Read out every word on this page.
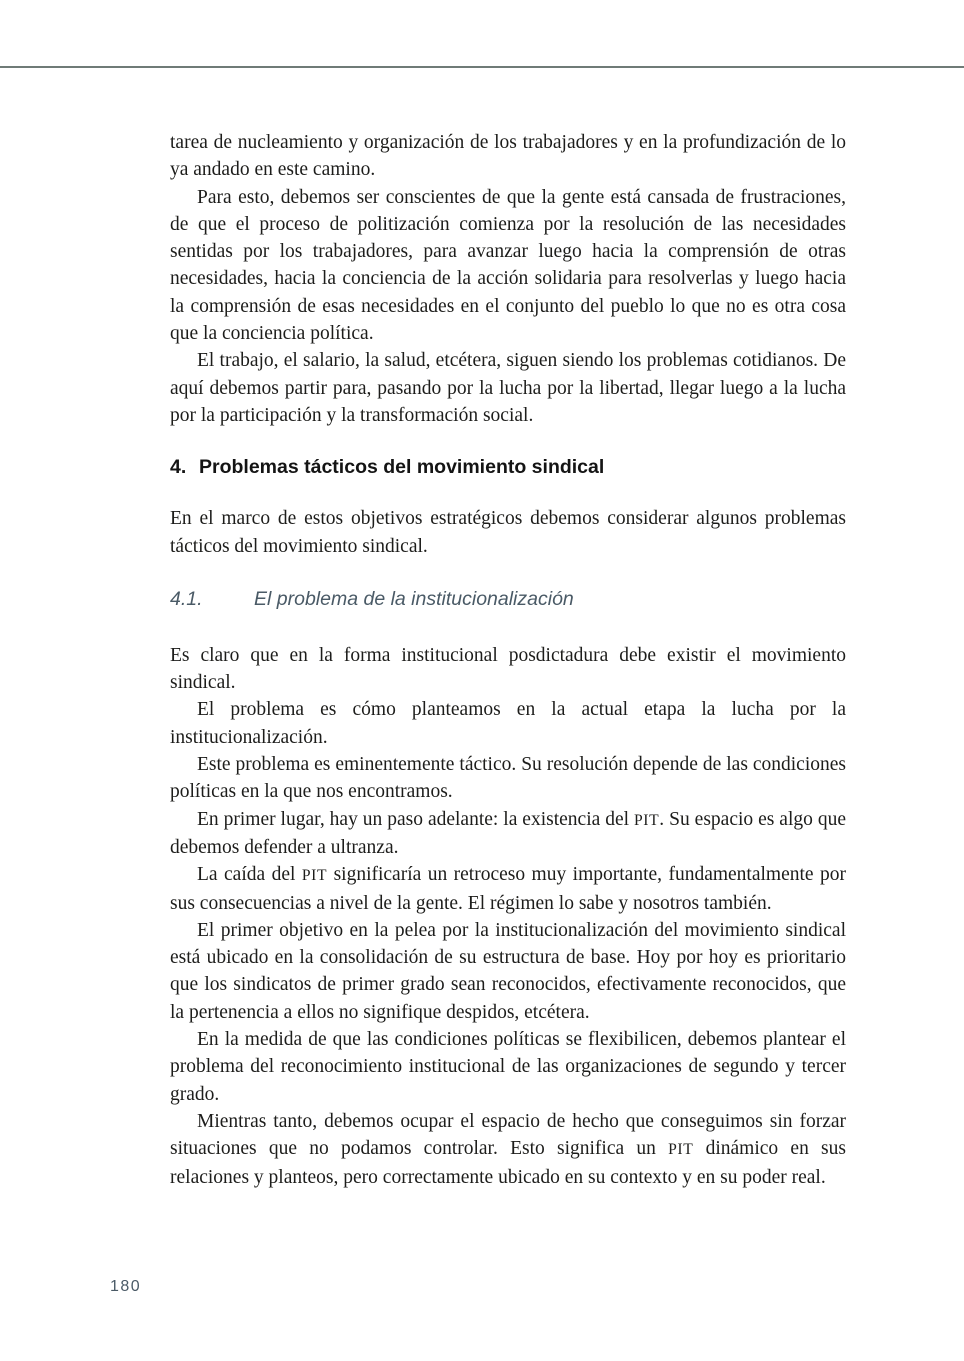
tarea de nucleamiento y organización de los trabajadores y en la profundización de lo ya andado en este camino.

Para esto, debemos ser conscientes de que la gente está cansada de frustraciones, de que el proceso de politización comienza por la resolución de las necesidades sentidas por los trabajadores, para avanzar luego hacia la comprensión de otras necesidades, hacia la conciencia de la acción solidaria para resolverlas y luego hacia la comprensión de esas necesidades en el conjunto del pueblo lo que no es otra cosa que la conciencia política.

El trabajo, el salario, la salud, etcétera, siguen siendo los problemas cotidianos. De aquí debemos partir para, pasando por la lucha por la libertad, llegar luego a la lucha por la participación y la transformación social.

4. Problemas tácticos del movimiento sindical

En el marco de estos objetivos estratégicos debemos considerar algunos problemas tácticos del movimiento sindical.

4.1.	El problema de la institucionalización

Es claro que en la forma institucional posdictadura debe existir el movimiento sindical.

El problema es cómo planteamos en la actual etapa la lucha por la institucionalización.

Este problema es eminentemente táctico. Su resolución depende de las condiciones políticas en la que nos encontramos.

En primer lugar, hay un paso adelante: la existencia del PIT. Su espacio es algo que debemos defender a ultranza.

La caída del PIT significaría un retroceso muy importante, fundamentalmente por sus consecuencias a nivel de la gente. El régimen lo sabe y nosotros también.

El primer objetivo en la pelea por la institucionalización del movimiento sindical está ubicado en la consolidación de su estructura de base. Hoy por hoy es prioritario que los sindicatos de primer grado sean reconocidos, efectivamente reconocidos, que la pertenencia a ellos no signifique despidos, etcétera.

En la medida de que las condiciones políticas se flexibilicen, debemos plantear el problema del reconocimiento institucional de las organizaciones de segundo y tercer grado.

Mientras tanto, debemos ocupar el espacio de hecho que conseguimos sin forzar situaciones que no podamos controlar. Esto significa un PIT dinámico en sus relaciones y planteos, pero correctamente ubicado en su contexto y en su poder real.

180
